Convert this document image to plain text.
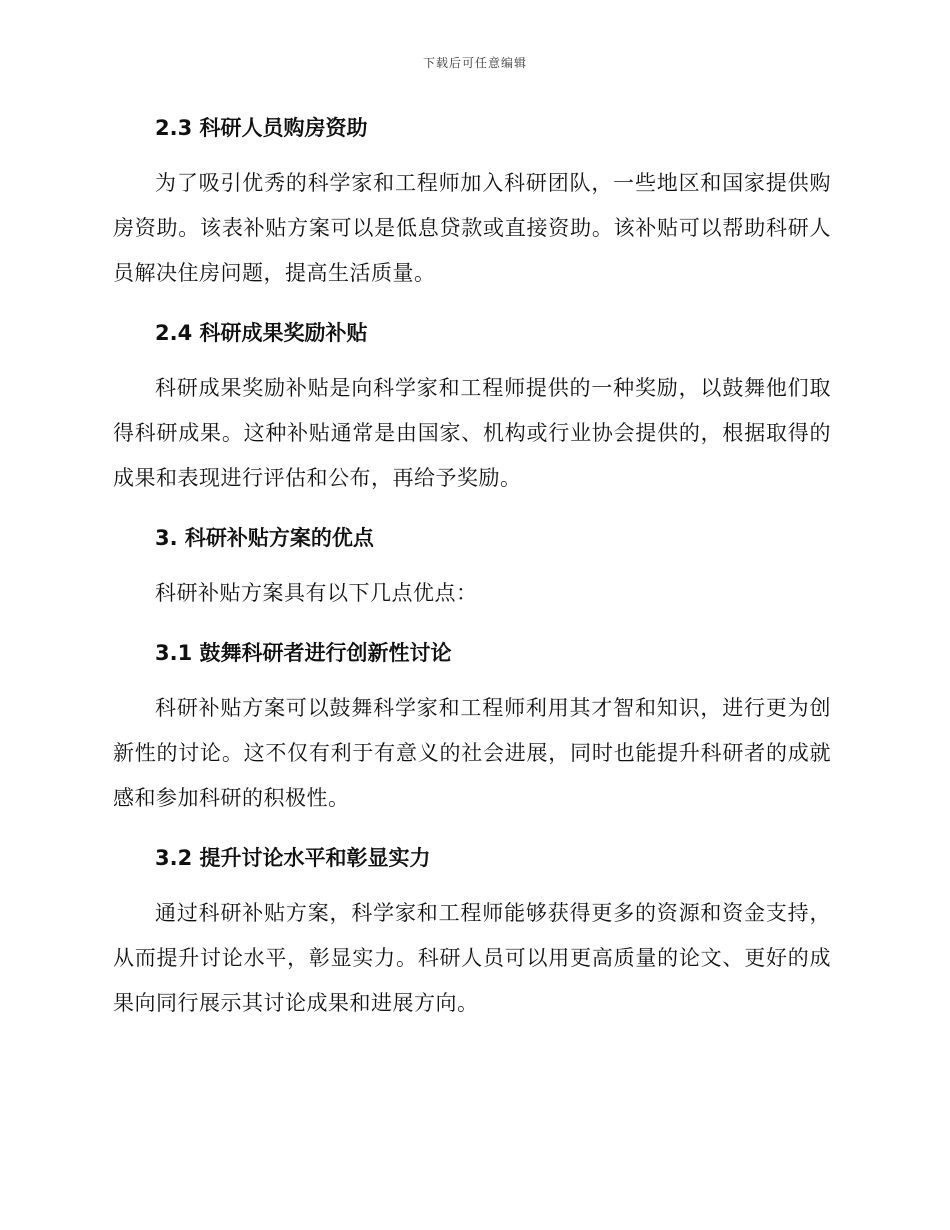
下载后可任意编辑
2.3 科研人员购房资助

为了吸引优秀的科学家和工程师加入科研团队，一些地区和国家提供购房资助。该表补贴方案可以是低息贷款或直接资助。该补贴可以帮助科研人员解决住房问题，提高生活质量。

2.4 科研成果奖励补贴

科研成果奖励补贴是向科学家和工程师提供的一种奖励，以鼓舞他们取得科研成果。这种补贴通常是由国家、机构或行业协会提供的，根据取得的成果和表现进行评估和公布，再给予奖励。

3. 科研补贴方案的优点

科研补贴方案具有以下几点优点：

3.1 鼓舞科研者进行创新性讨论

科研补贴方案可以鼓舞科学家和工程师利用其才智和知识，进行更为创新性的讨论。这不仅有利于有意义的社会进展，同时也能提升科研者的成就感和参加科研的积极性。

3.2 提升讨论水平和彰显实力

通过科研补贴方案，科学家和工程师能够获得更多的资源和资金支持，从而提升讨论水平，彰显实力。科研人员可以用更高质量的论文、更好的成果向同行展示其讨论成果和进展方向。
